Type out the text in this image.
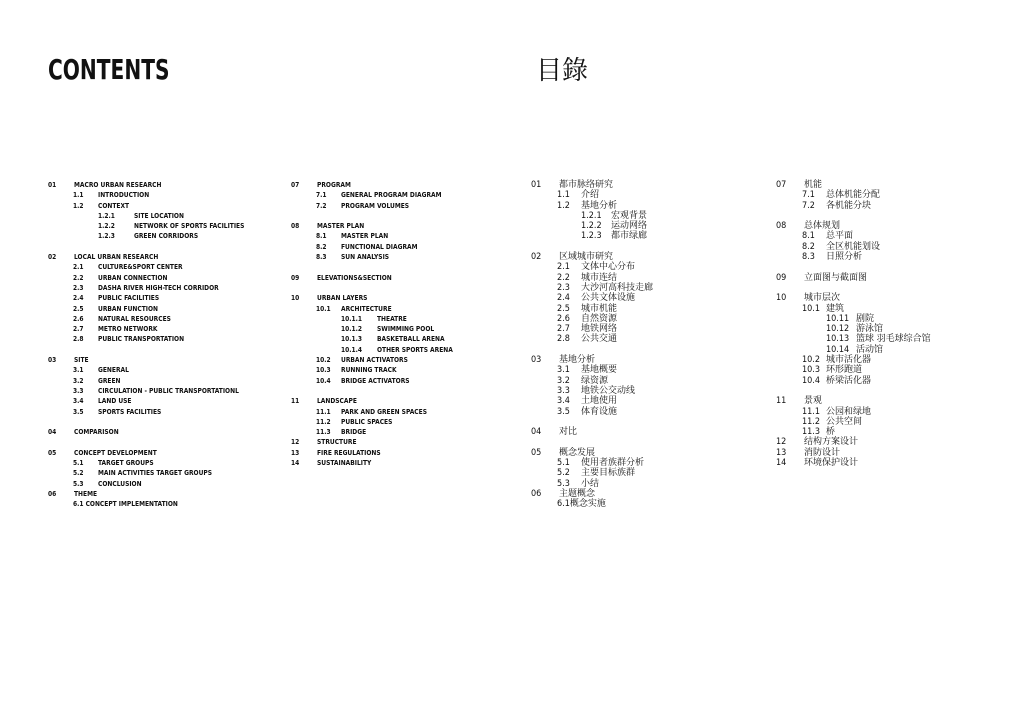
CONTENTS	目錄
01	MACRO URBAN RESEARCH
1.1 INTRODUCTION
1.2 CONTEXT
1.2.1	SITE LOCATION
1.2.2	NETWORK OF SPORTS FACILITIES
1.2.3	GREEN CORRIDORS
02	LOCAL URBAN RESEARCH
2.1 CULTURE&SPORT CENTER
2.2 URBAN CONNECTION
2.3 DASHA RIVER HIGH-TECH CORRIDOR
2.4 PUBLIC FACILITIES
2.5 URBAN FUNCTION
2.6 NATURAL RESOURCES
2.7 METRO NETWORK
2.8 PUBLIC TRANSPORTATION
03	SITE
3.1 GENERAL
3.2 GREEN
3.3 CIRCULATION - PUBLIC TRANSPORTATIONL
3.4 LAND USE
3.5 SPORTS FACILITIES
04	COMPARISON
05	CONCEPT DEVELOPMENT
5.1 TARGET GROUPS
5.2 MAIN ACTIVITIES TARGET GROUPS
5.3 CONCLUSION
06	THEME
6.1 CONCEPT IMPLEMENTATION
07	PROGRAM
7.1 GENERAL PROGRAM DIAGRAM
7.2 PROGRAM VOLUMES
08	MASTER PLAN
8.1 MASTER PLAN
8.2 FUNCTIONAL DIAGRAM
8.3 SUN ANALYSIS
09	ELEVATIONS&SECTION
10	URBAN LAYERS
10.1 ARCHITECTURE
10.1.1 THEATRE
10.1.2 SWIMMING POOL
10.1.3 BASKETBALL ARENA
10.1.4 OTHER SPORTS ARENA
10.2 URBAN ACTIVATORS
10.3 RUNNING TRACK
10.4 BRIDGE ACTIVATORS
11	LANDSCAPE
11.1 PARK AND GREEN SPACES
11.2 PUBLIC SPACES
11.3 BRIDGE
12	STRUCTURE
13	FIRE REGULATIONS
14	SUSTAINABILITY
01 都市脉络研究
1.1 介绍
1.2 基地分析
1.2.1 宏观背景
1.2.2 运动网络
1.2.3 都市绿廊
02 区域城市研究
2.1 文体中心分布
2.2 城市连结
2.3 大沙河高科技走廊
2.4 公共文体设施
2.5 城市机能
2.6 自然资源
2.7 地铁网络
2.8 公共交通
03 基地分析
3.1 基地概要
3.2 绿资源
3.3 地铁公交动线
3.4 土地使用
3.5 体育设施
04 对比
05 概念发展
5.1 使用者族群分析
5.2 主要目标族群
5.3 小结
06 主题概念
6.1概念实施
07 机能
7.1 总体机能分配
7.2 各机能分块
08 总体规划
8.1 总平面
8.2 全区机能划设
8.3 日照分析
09 立面图与截面图
10 城市层次
10.1 建筑
10.11 剧院
10.12 游泳馆
10.13 篮球 羽毛球综合馆
10.14 活动馆
10.2 城市活化器
10.3 环形跑道
10.4 桥梁活化器
11 景观
11.1 公园和绿地
11.2 公共空间
11.3 桥
12 结构方案设计
13 消防设计
14 环境保护设计
